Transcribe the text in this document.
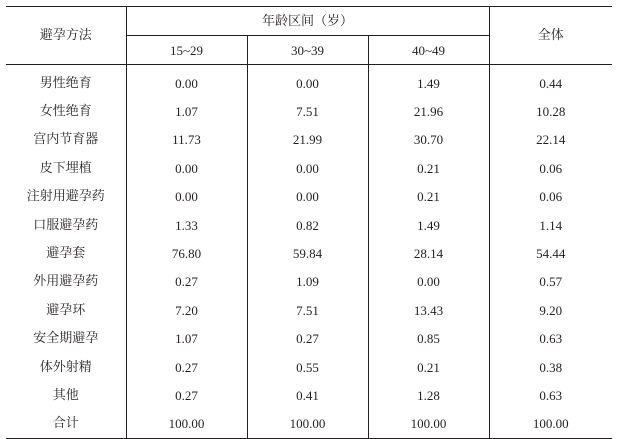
避孕方法	年龄区间（岁）			全体
	15~29	30~39	40~49	
男性绝育	0.00	0.00	1.49	0.44
女性绝育	1.07	7.51	21.96	10.28
宫内节育器	11.73	21.99	30.70	22.14
皮下埋植	0.00	0.00	0.21	0.06
注射用避孕药	0.00	0.00	0.21	0.06
口服避孕药	1.33	0.82	1.49	1.14
避孕套	76.80	59.84	28.14	54.44
外用避孕药	0.27	1.09	0.00	0.57
避孕环	7.20	7.51	13.43	9.20
安全期避孕	1.07	0.27	0.85	0.63
体外射精	0.27	0.55	0.21	0.38
其他	0.27	0.41	1.28	0.63
合计	100.00	100.00	100.00	100.00
